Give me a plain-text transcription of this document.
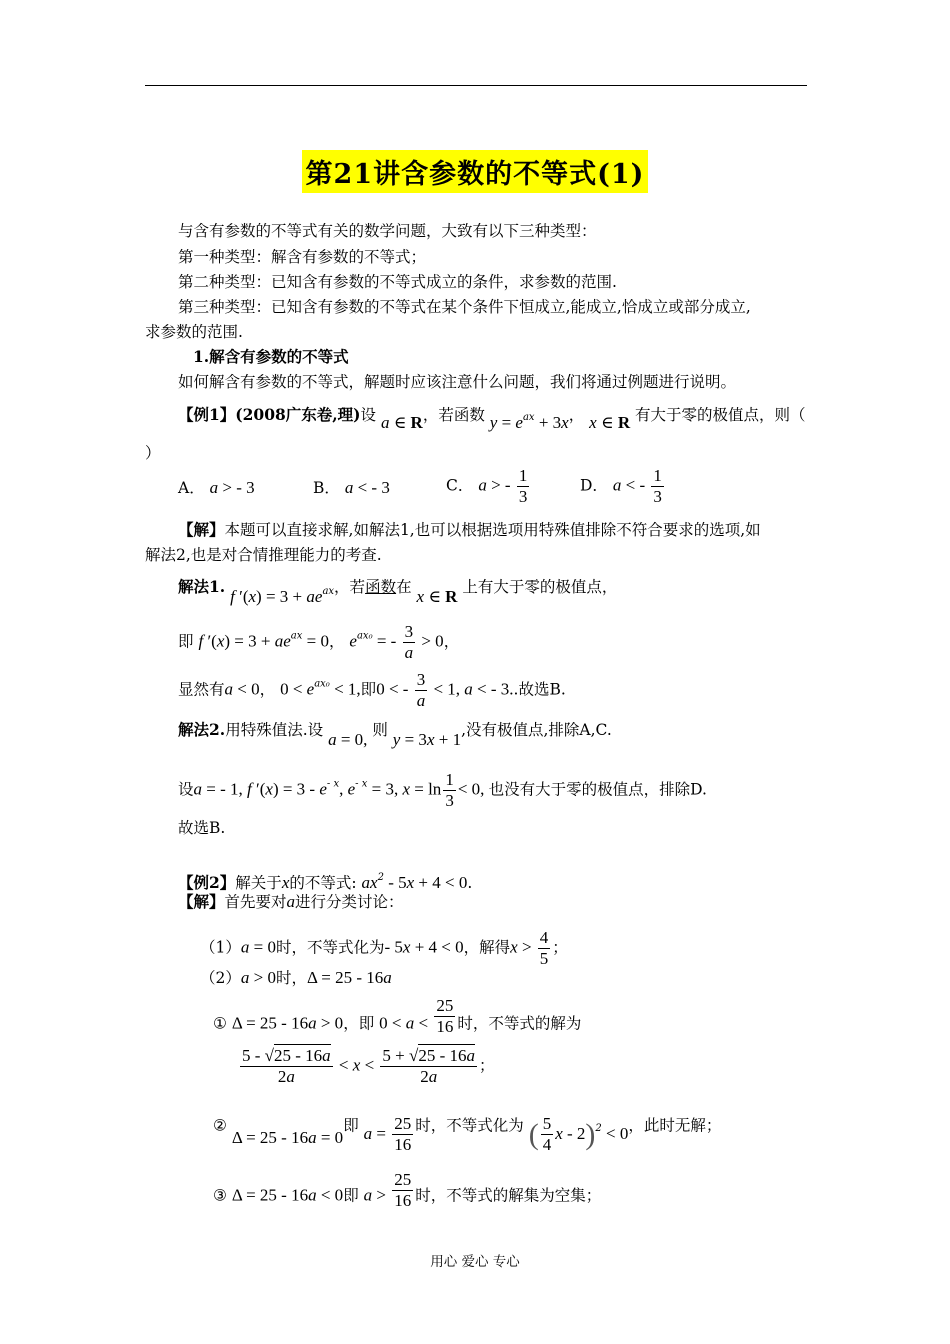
第21讲含参数的不等式(1)
与含有参数的不等式有关的数学问题，大致有以下三种类型：
第一种类型：解含有参数的不等式；
第二种类型：已知含有参数的不等式成立的条件，求参数的范围.
第三种类型：已知含有参数的不等式在某个条件下恒成立,能成立,恰成立或部分成立,
求参数的范围.
1.解含有参数的不等式
如何解含有参数的不等式，解题时应该注意什么问题，我们将通过例题进行说明。
【例1】(2008广东卷,理)设 a ∈ R，若函数 $y = e^{ax} + 3x$， x ∈ R 有大于零的极值点，则（
）
A． a > - 3	B． a < - 3	C． a > - $\frac{1}{3}$	D． a < - $\frac{1}{3}$
【解】本题可以直接求解,如解法1,也可以根据选项用特殊值排除不符合要求的选项,如
解法2,也是对合情推理能力的考查.
解法1. f $'(x) = 3 + ae^{ax}$，若函数在 x ∈ R 上有大于零的极值点，
即 f $'(x) = 3 + ae^{ax} = 0$， $e^{ax_0}$ = - $\frac{3}{a} > 0$，
显然有a < 0， $0 < e^{ax_0} < 1$,即0 < - $\frac{3}{a} < 1$, a < - 3..故选B.
解法2.用特殊值法.设 a = 0, 则 y = 3x + 1,没有极值点,排除A,C.
设a = - 1, f $'(x) = 3 - e^{- x}$, $e^{- x} = 3$, $x = \ln \frac{1}{3} < 0$, 也没有大于零的极值点，排除D.
故选B.
【例2】解关于x的不等式: $ax^2 - 5x + 4 < 0$.
【解】首先要对a进行分类讨论：
（1）a = 0时，不等式化为- 5x + 4 < 0，解得$x > \frac{4}{5}$ ；
（2）a > 0时，Δ = 25 - 16a
① Δ = 25 - 16a > 0，即 $0 < a < \frac{25}{16}$ 时，不等式的解为
$\frac{5 - √25 - 16a}{2a} < x < \frac{5 + √25 - 16a}{2a}$ ；
② Δ = 25 - 16a = 0即 $a = \frac{25}{16}$ 时，不等式化为 ( $\frac{5}{4}$ x - 2)$^2$ < 0，此时无解；
③ Δ = 25 - 16a < 0即 $a > \frac{25}{16}$ 时，不等式的解集为空集；
用心 爱心 专心
